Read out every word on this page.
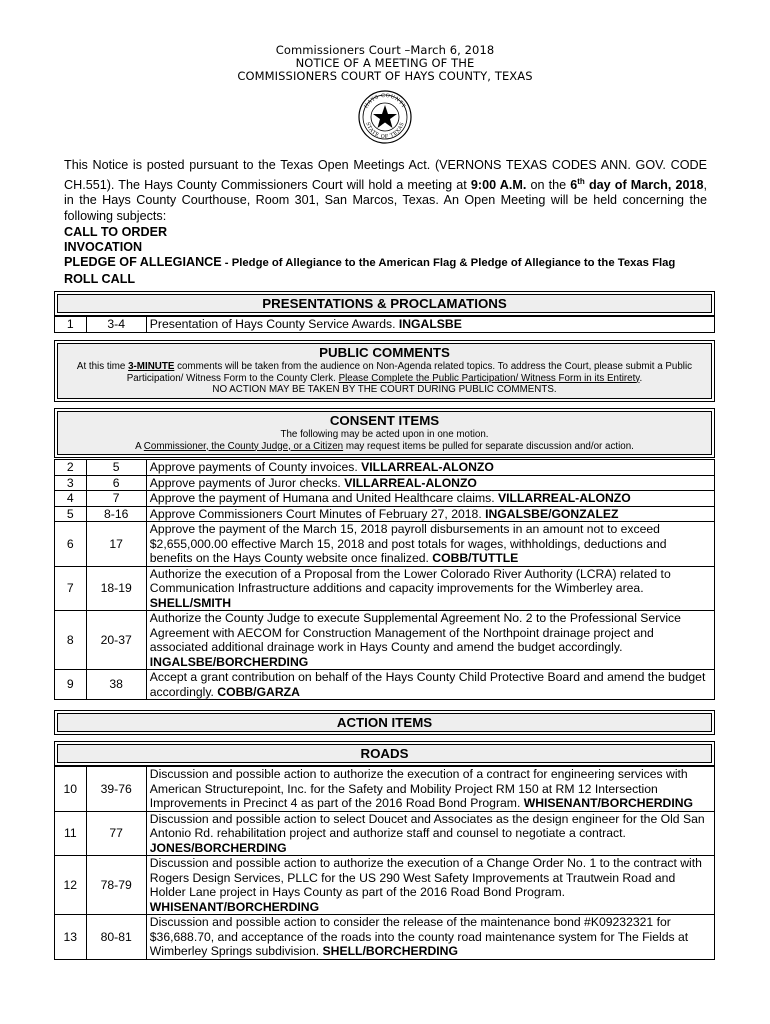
Commissioners Court –March 6, 2018
NOTICE OF A MEETING OF THE
COMMISSIONERS COURT OF HAYS COUNTY, TEXAS
HAYS COUNTY
STATE OF TEXAS
This Notice is posted pursuant to the Texas Open Meetings Act. (VERNONS TEXAS CODES ANN. GOV. CODE CH.551). The Hays County Commissioners Court will hold a meeting at 9:00 A.M. on the 6th day of March, 2018, in the Hays County Courthouse, Room 301, San Marcos, Texas. An Open Meeting will be held concerning the following subjects:
CALL TO ORDER
INVOCATION
PLEDGE OF ALLEGIANCE - Pledge of Allegiance to the American Flag & Pledge of Allegiance to the Texas Flag
ROLL CALL
PRESENTATIONS & PROCLAMATIONS
1	3-4	Presentation of Hays County Service Awards. INGALSBE
PUBLIC COMMENTS
At this time 3-MINUTE comments will be taken from the audience on Non-Agenda related topics. To address the Court, please submit a Public Participation/ Witness Form to the County Clerk. Please Complete the Public Participation/ Witness Form in its Entirety.
NO ACTION MAY BE TAKEN BY THE COURT DURING PUBLIC COMMENTS.
CONSENT ITEMS
The following may be acted upon in one motion.
A Commissioner, the County Judge, or a Citizen may request items be pulled for separate discussion and/or action.
2	5	Approve payments of County invoices. VILLARREAL-ALONZO
3	6	Approve payments of Juror checks. VILLARREAL-ALONZO
4	7	Approve the payment of Humana and United Healthcare claims. VILLARREAL-ALONZO
5	8-16	Approve Commissioners Court Minutes of February 27, 2018. INGALSBE/GONZALEZ
6	17	Approve the payment of the March 15, 2018 payroll disbursements in an amount not to exceed $2,655,000.00 effective March 15, 2018 and post totals for wages, withholdings, deductions and benefits on the Hays County website once finalized. COBB/TUTTLE
7	18-19	Authorize the execution of a Proposal from the Lower Colorado River Authority (LCRA) related to Communication Infrastructure additions and capacity improvements for the Wimberley area. SHELL/SMITH
8	20-37	Authorize the County Judge to execute Supplemental Agreement No. 2 to the Professional Service Agreement with AECOM for Construction Management of the Northpoint drainage project and associated additional drainage work in Hays County and amend the budget accordingly. INGALSBE/BORCHERDING
9	38	Accept a grant contribution on behalf of the Hays County Child Protective Board and amend the budget accordingly. COBB/GARZA
ACTION ITEMS
ROADS
10	39-76	Discussion and possible action to authorize the execution of a contract for engineering services with American Structurepoint, Inc. for the Safety and Mobility Project RM 150 at RM 12 Intersection Improvements in Precinct 4 as part of the 2016 Road Bond Program. WHISENANT/BORCHERDING
11	77	Discussion and possible action to select Doucet and Associates as the design engineer for the Old San Antonio Rd. rehabilitation project and authorize staff and counsel to negotiate a contract. JONES/BORCHERDING
12	78-79	Discussion and possible action to authorize the execution of a Change Order No. 1 to the contract with Rogers Design Services, PLLC for the US 290 West Safety Improvements at Trautwein Road and Holder Lane project in Hays County as part of the 2016 Road Bond Program. WHISENANT/BORCHERDING
13	80-81	Discussion and possible action to consider the release of the maintenance bond #K09232321 for $36,688.70, and acceptance of the roads into the county road maintenance system for The Fields at Wimberley Springs subdivision. SHELL/BORCHERDING
